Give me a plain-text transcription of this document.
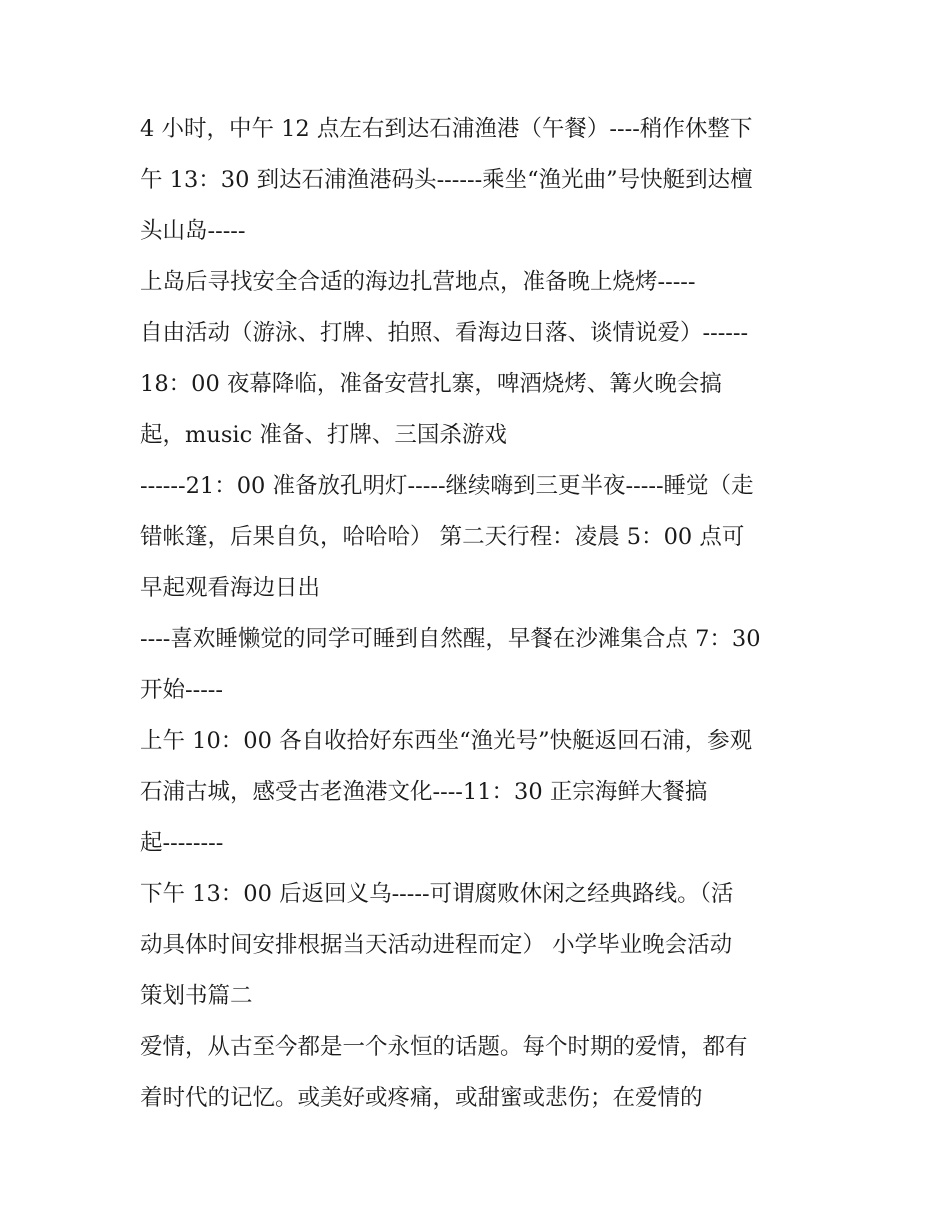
4 小时，中午 12 点左右到达石浦渔港（午餐）----稍作休整下
午 13：30 到达石浦渔港码头------乘坐“渔光曲”号快艇到达檀
头山岛-----
上岛后寻找安全合适的海边扎营地点，准备晚上烧烤-----
自由活动（游泳、打牌、拍照、看海边日落、谈情说爱）------
18：00 夜幕降临，准备安营扎寨，啤酒烧烤、篝火晚会搞
起，music 准备、打牌、三国杀游戏
------21：00 准备放孔明灯-----继续嗨到三更半夜-----睡觉（走
错帐篷，后果自负，哈哈哈） 第二天行程：凌晨 5：00 点可
早起观看海边日出
----喜欢睡懒觉的同学可睡到自然醒，早餐在沙滩集合点 7：30
开始-----
上午 10：00 各自收拾好东西坐“渔光号”快艇返回石浦，参观
石浦古城，感受古老渔港文化----11：30 正宗海鲜大餐搞
起--------
下午 13：00 后返回义乌-----可谓腐败休闲之经典路线。（活
动具体时间安排根据当天活动进程而定） 小学毕业晚会活动
策划书篇二
爱情，从古至今都是一个永恒的话题。每个时期的爱情，都有
着时代的记忆。或美好或疼痛，或甜蜜或悲伤；在爱情的
